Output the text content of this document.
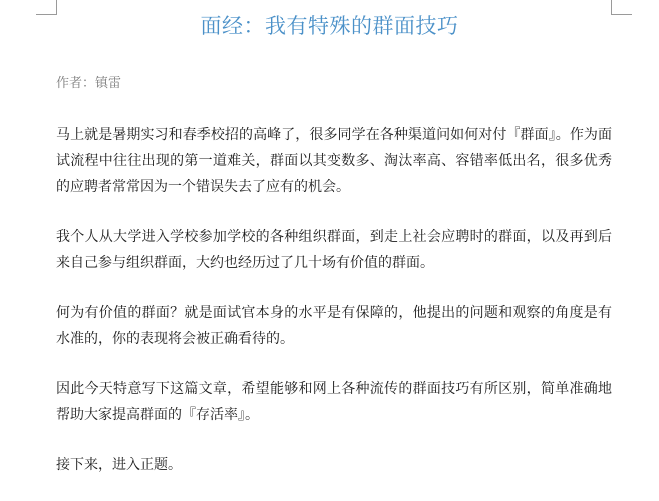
面经：我有特殊的群面技巧
作者：镇雷

马上就是暑期实习和春季校招的高峰了，很多同学在各种渠道问如何对付『群面』。作为面试流程中往往出现的第一道难关，群面以其变数多、淘汰率高、容错率低出名，很多优秀的应聘者常常因为一个错误失去了应有的机会。

我个人从大学进入学校参加学校的各种组织群面，到走上社会应聘时的群面，以及再到后来自己参与组织群面，大约也经历过了几十场有价值的群面。

何为有价值的群面？就是面试官本身的水平是有保障的，他提出的问题和观察的角度是有水准的，你的表现将会被正确看待的。

因此今天特意写下这篇文章，希望能够和网上各种流传的群面技巧有所区别，简单准确地帮助大家提高群面的『存活率』。

接下来，进入正题。
